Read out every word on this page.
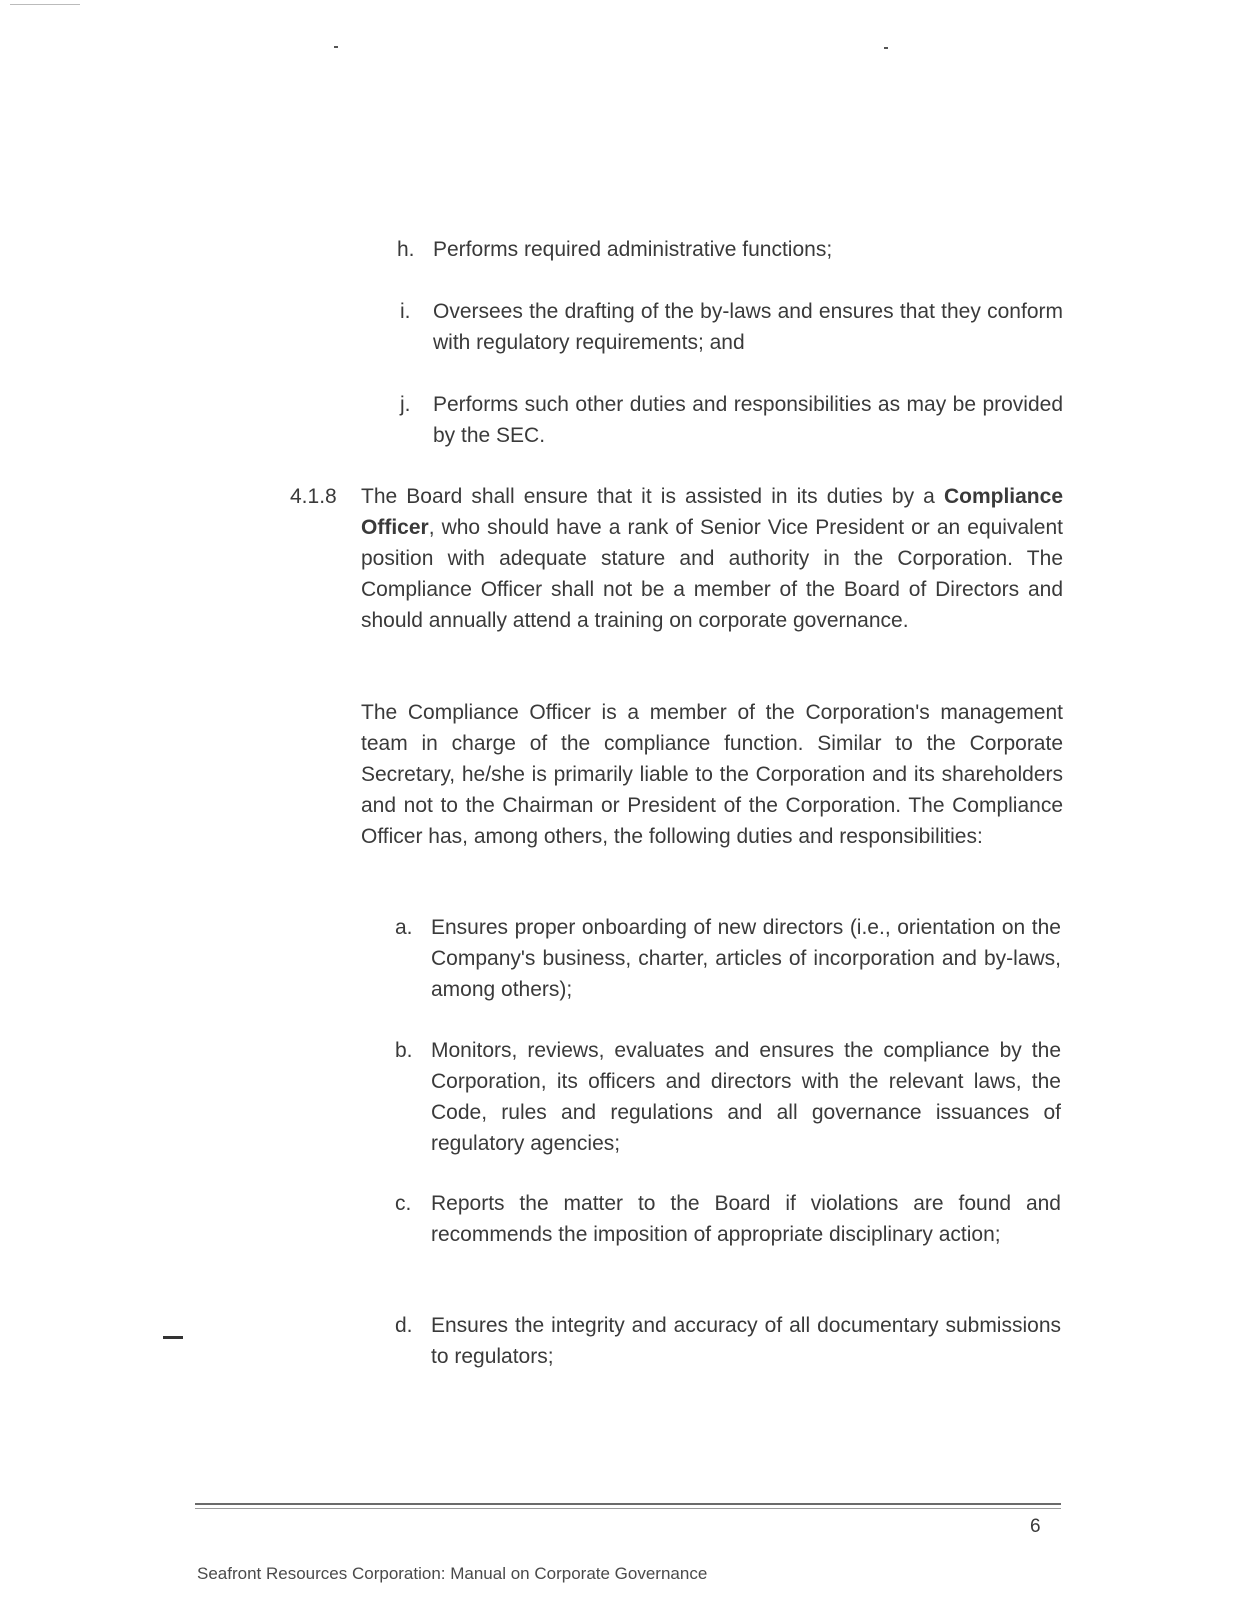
h. Performs required administrative functions;

i. Oversees the drafting of the by-laws and ensures that they conform with regulatory requirements; and

j. Performs such other duties and responsibilities as may be provided by the SEC.

4.1.8 The Board shall ensure that it is assisted in its duties by a Compliance Officer, who should have a rank of Senior Vice President or an equivalent position with adequate stature and authority in the Corporation. The Compliance Officer shall not be a member of the Board of Directors and should annually attend a training on corporate governance.

The Compliance Officer is a member of the Corporation's management team in charge of the compliance function. Similar to the Corporate Secretary, he/she is primarily liable to the Corporation and its shareholders and not to the Chairman or President of the Corporation. The Compliance Officer has, among others, the following duties and responsibilities:

a. Ensures proper onboarding of new directors (i.e., orientation on the Company's business, charter, articles of incorporation and by-laws, among others);

b. Monitors, reviews, evaluates and ensures the compliance by the Corporation, its officers and directors with the relevant laws, the Code, rules and regulations and all governance issuances of regulatory agencies;

c. Reports the matter to the Board if violations are found and recommends the imposition of appropriate disciplinary action;

d. Ensures the integrity and accuracy of all documentary submissions to regulators;

6
Seafront Resources Corporation: Manual on Corporate Governance
